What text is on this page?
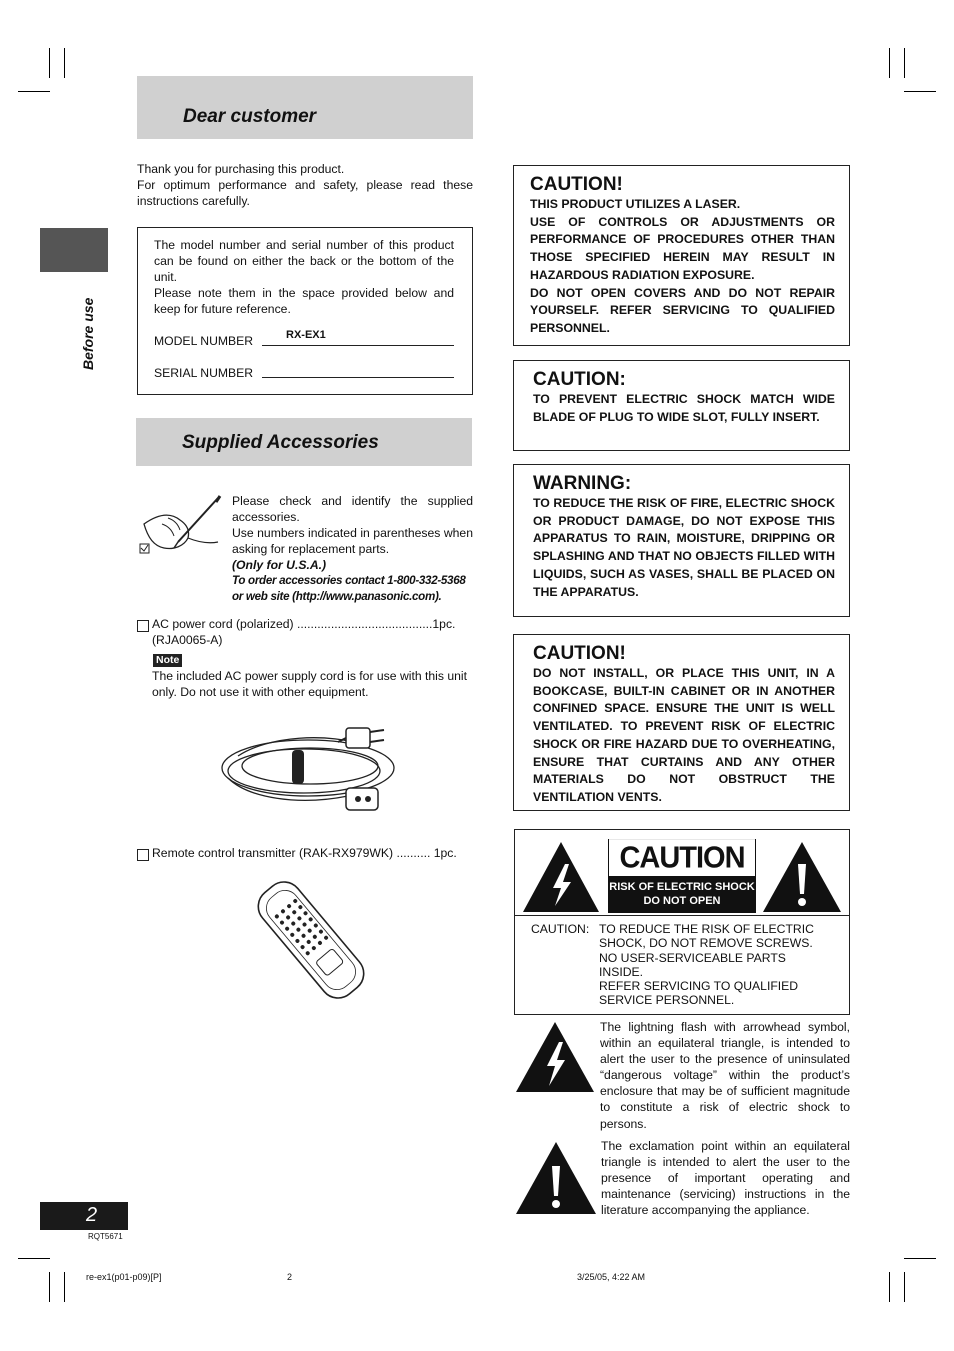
Before use
Dear customer
Thank you for purchasing this product.
For optimum performance and safety, please read these instructions carefully.
The model number and serial number of this product can be found on either the back or the bottom of the unit.
Please note them in the space provided below and keep for future reference.
MODEL NUMBER	RX-EX1
SERIAL NUMBER
Supplied Accessories
Please check and identify the supplied accessories.
Use numbers indicated in parentheses when asking for replacement parts.
(Only for U.S.A.)
To order accessories contact 1-800-332-5368 or web site (http://www.panasonic.com).
AC power cord (polarized) ........................................1pc.
(RJA0065-A)
Note
The included AC power supply cord is for use with this unit only. Do not use it with other equipment.
Remote control transmitter (RAK-RX979WK) .......... 1pc.
CAUTION!

THIS PRODUCT UTILIZES A LASER.

USE OF CONTROLS OR ADJUSTMENTS OR PERFORMANCE OF PROCEDURES OTHER THAN THOSE SPECIFIED HEREIN MAY RESULT IN HAZARDOUS RADIATION EXPOSURE.

DO NOT OPEN COVERS AND DO NOT REPAIR YOURSELF. REFER SERVICING TO QUALIFIED PERSONNEL.

CAUTION:

TO PREVENT ELECTRIC SHOCK MATCH WIDE BLADE OF PLUG TO WIDE SLOT, FULLY INSERT.

WARNING:

TO REDUCE THE RISK OF FIRE, ELECTRIC SHOCK OR PRODUCT DAMAGE, DO NOT EXPOSE THIS APPARATUS TO RAIN, MOISTURE, DRIPPING OR SPLASHING AND THAT NO OBJECTS FILLED WITH LIQUIDS, SUCH AS VASES, SHALL BE PLACED ON THE APPARATUS.

CAUTION!

DO NOT INSTALL, OR PLACE THIS UNIT, IN A BOOKCASE, BUILT-IN CABINET OR IN ANOTHER CONFINED SPACE. ENSURE THE UNIT IS WELL VENTILATED. TO PREVENT RISK OF ELECTRIC SHOCK OR FIRE HAZARD DUE TO OVERHEATING, ENSURE THAT CURTAINS AND ANY OTHER MATERIALS DO NOT OBSTRUCT THE VENTILATION VENTS.

CAUTION
RISK OF ELECTRIC SHOCK
DO NOT OPEN
CAUTION: TO REDUCE THE RISK OF ELECTRIC
SHOCK, DO NOT REMOVE SCREWS.
NO USER-SERVICEABLE PARTS
INSIDE.
REFER SERVICING TO QUALIFIED
SERVICE PERSONNEL.
The lightning flash with arrowhead symbol, within an equilateral triangle, is intended to alert the user to the presence of uninsulated “dangerous voltage” within the product’s enclosure that may be of sufficient magnitude to constitute a risk of electric shock to persons.
The exclamation point within an equilateral triangle is intended to alert the user to the presence of important operating and maintenance (servicing) instructions in the literature accompanying the appliance.
2
RQT5671
re-ex1(p01-p09)[P]	2	3/25/05, 4:22 AM
